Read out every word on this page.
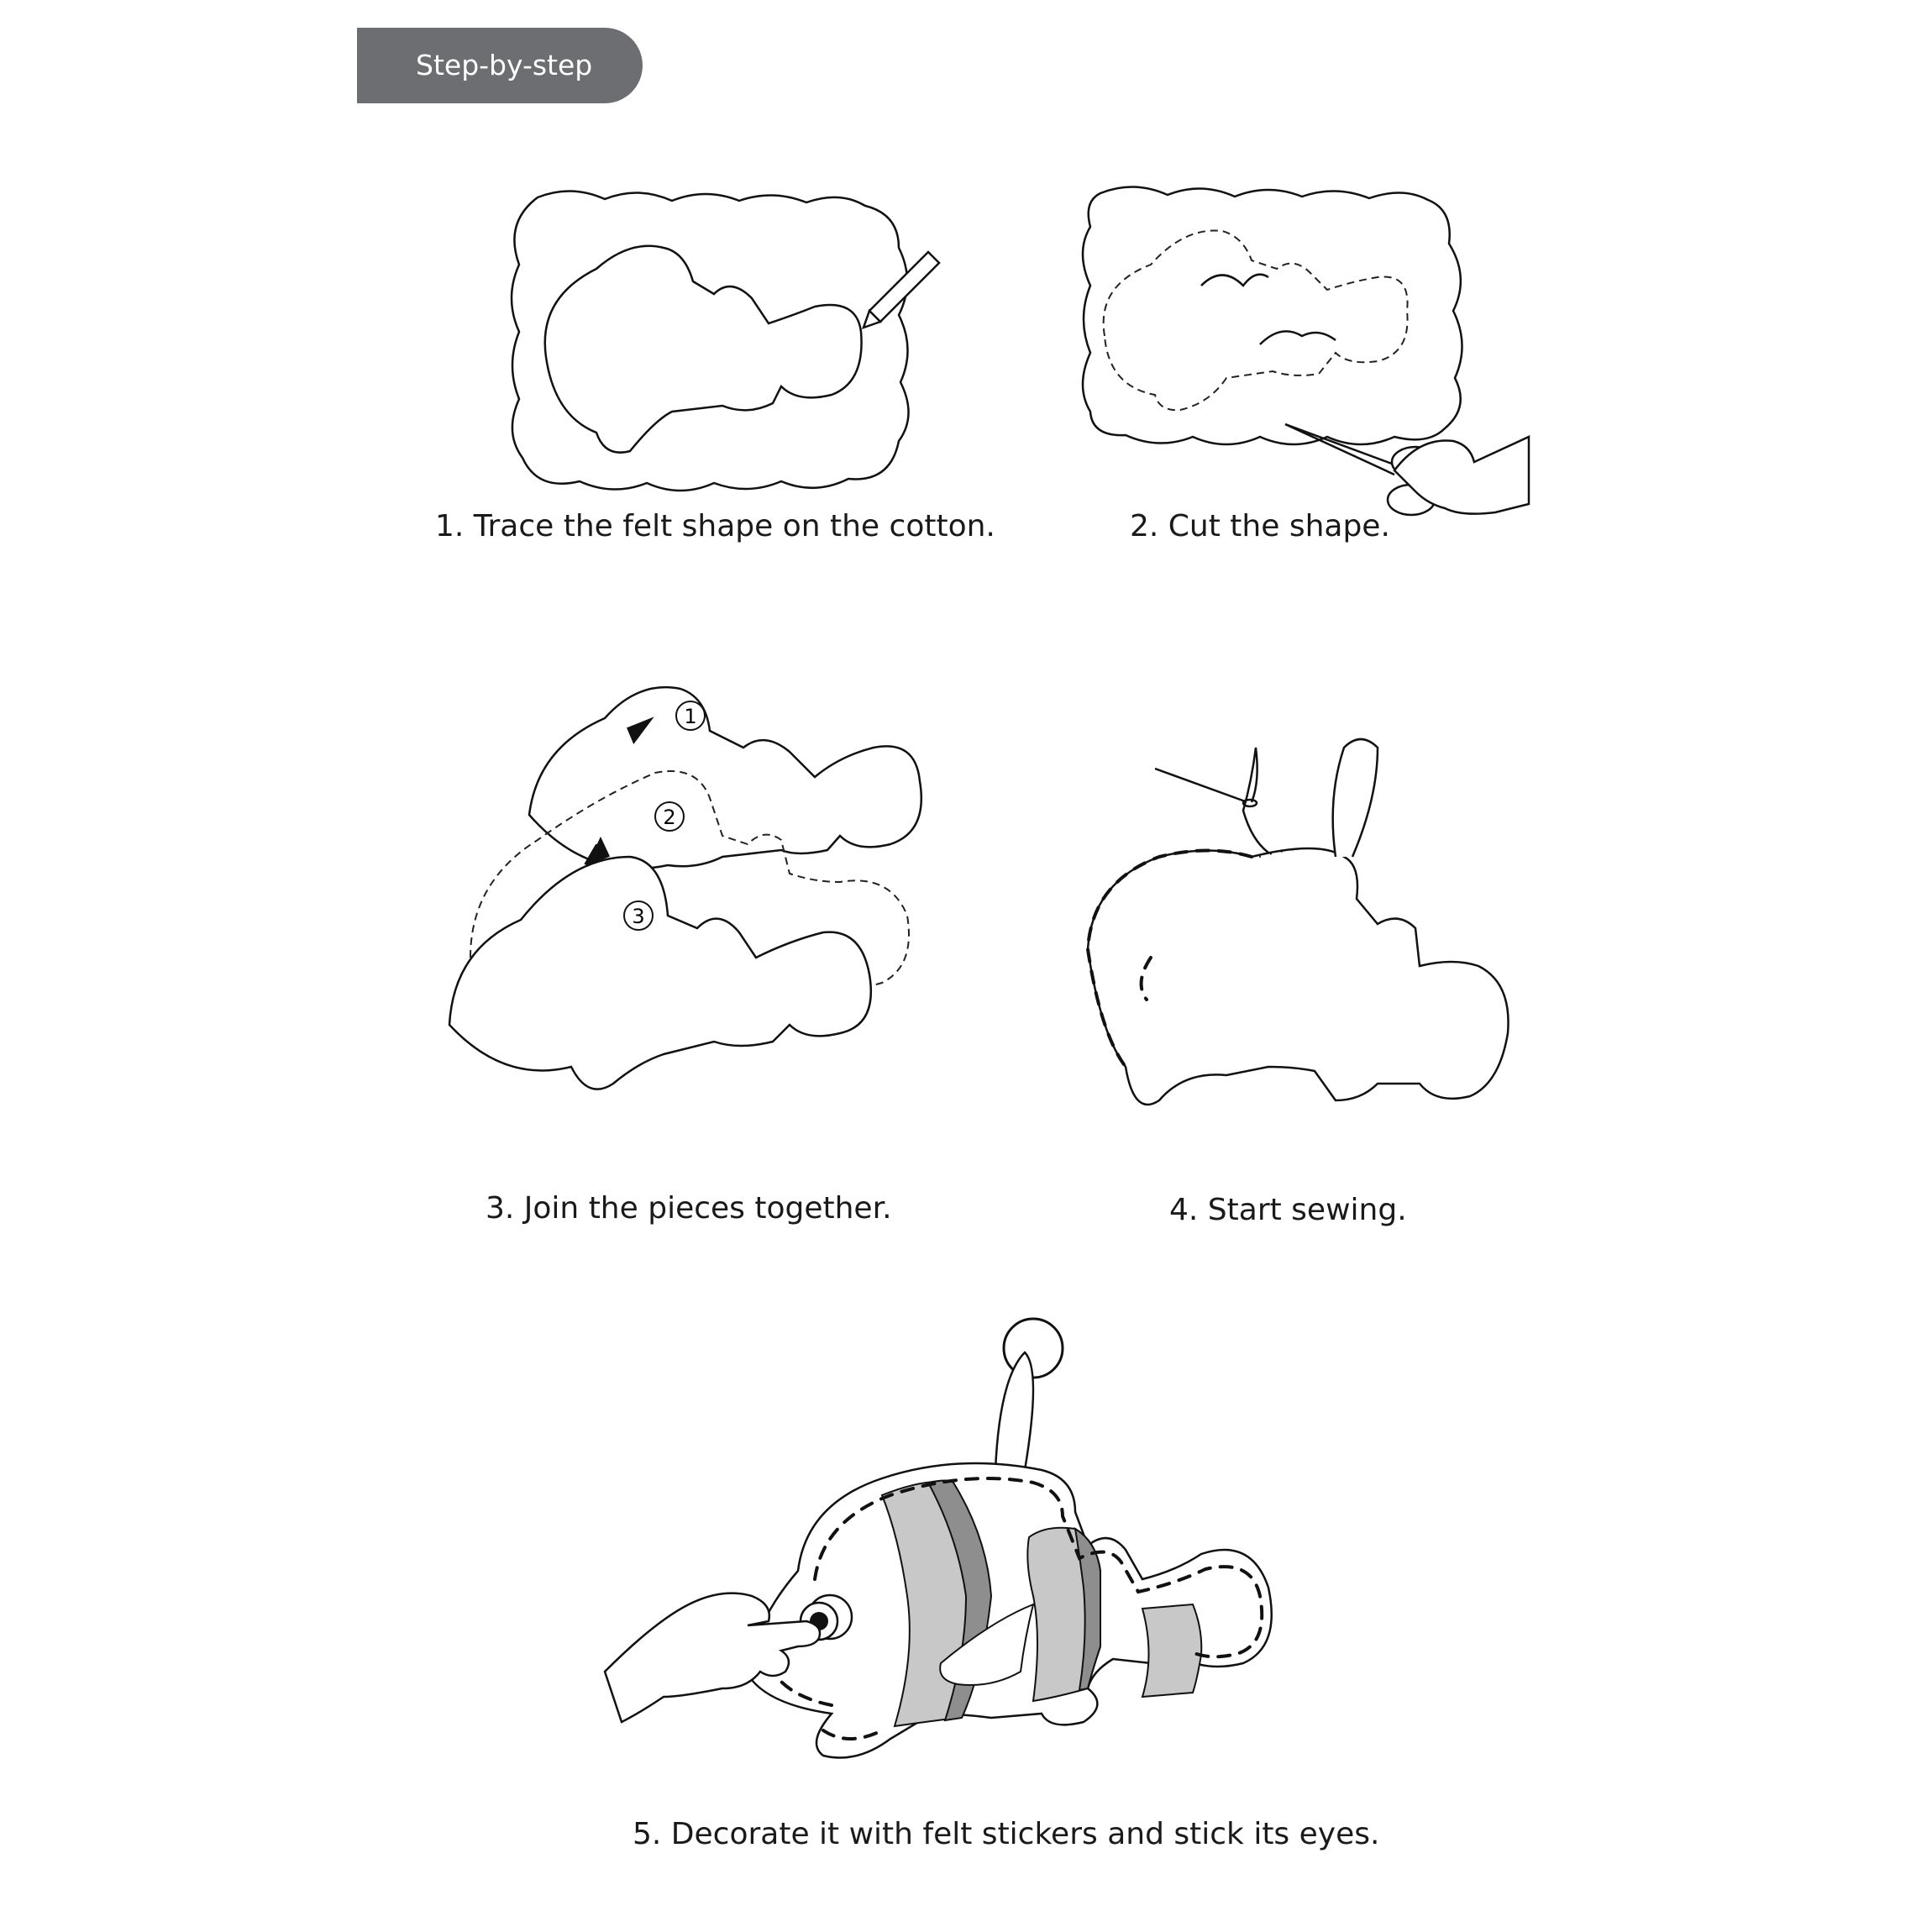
Step-by-step
1. Trace the felt shape on the cotton.	2. Cut the shape.
1
2
3
3. Join the pieces together.	4. Start sewing.
5. Decorate it with felt stickers and stick its eyes.
